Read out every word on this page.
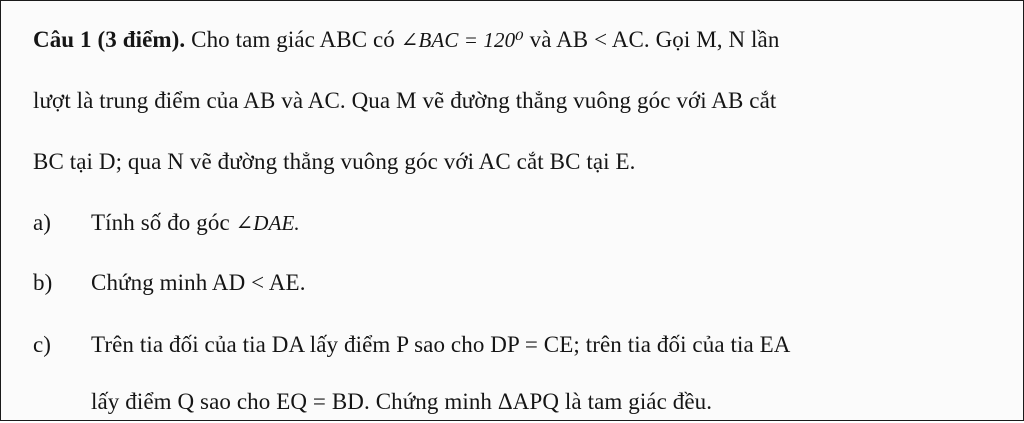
Câu 1 (3 điểm). Cho tam giác ABC có ∠BAC = 120⁰ và AB < AC. Gọi M, N lần
lượt là trung điểm của AB và AC. Qua M vẽ đường thẳng vuông góc với AB cắt
BC tại D; qua N vẽ đường thẳng vuông góc với AC cắt BC tại E.
a)	Tính số đo góc ∠DAE.
b)	Chứng minh AD < AE.
c)	Trên tia đối của tia DA lấy điểm P sao cho DP = CE; trên tia đối của tia EA
lấy điểm Q sao cho EQ = BD. Chứng minh ΔAPQ là tam giác đều.
